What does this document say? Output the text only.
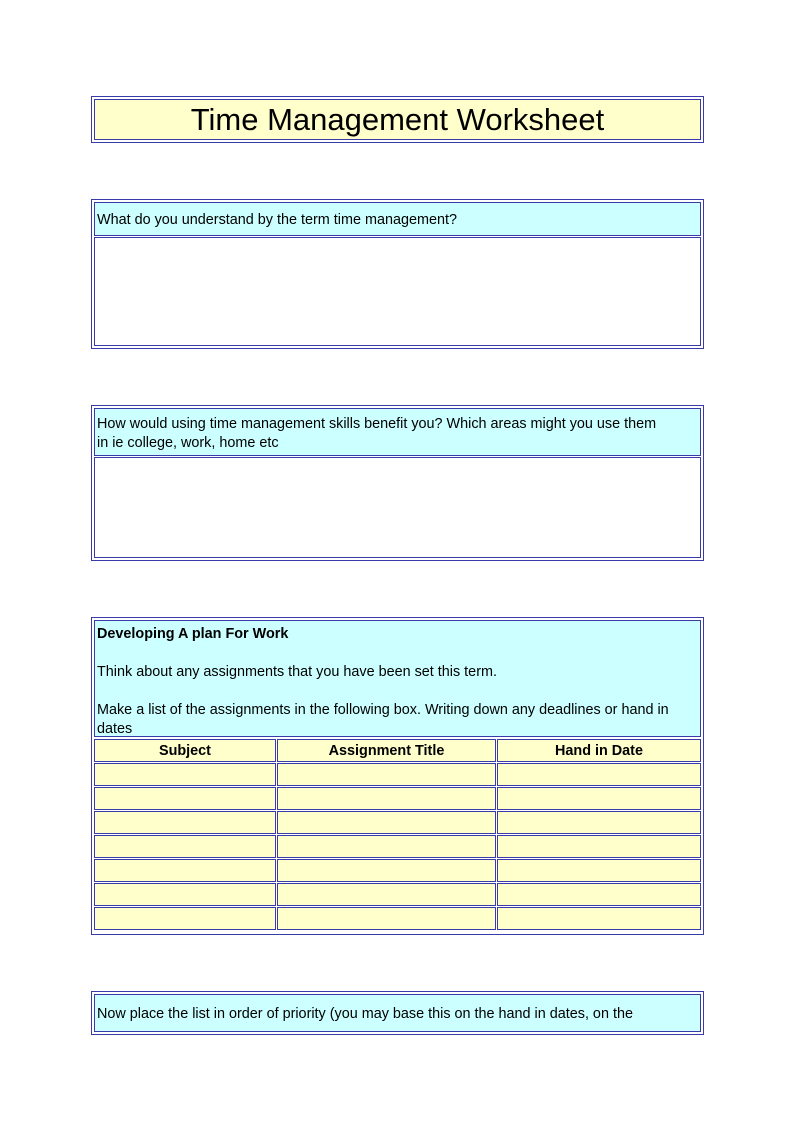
Time Management Worksheet
What do you understand by the term time management?
How would using time management skills benefit you? Which areas might you use them in ie college, work, home etc
Developing A plan For Work
Think about any assignments that you have been set this term.
Make a list of the assignments in the following box. Writing down any deadlines or hand in dates
Subject	Assignment Title	Hand in Date
Now place the list in order of priority (you may base this on the hand in dates, on the
